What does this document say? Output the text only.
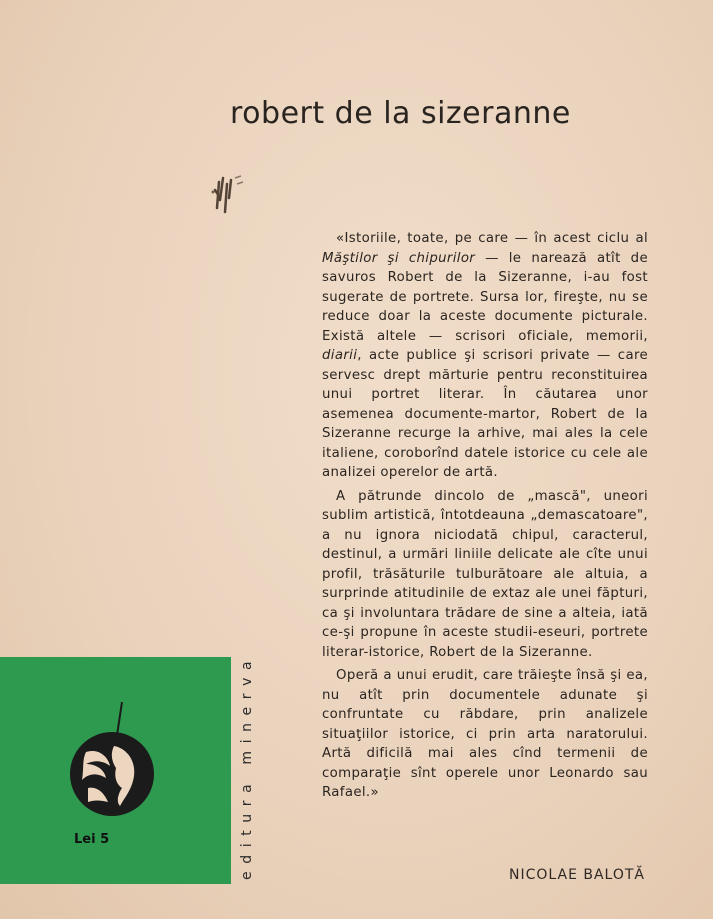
robert de la sizeranne

«Istoriile, toate, pe care — în acest ciclu al Măştilor şi chipurilor — le narează atît de savuros Robert de la Sizeranne, i-au fost sugerate de portrete. Sursa lor, fireşte, nu se reduce doar la aceste documente picturale. Există altele — scrisori oficiale, memorii, diarii, acte publice şi scrisori private — care servesc drept mărturie pentru reconstituirea unui portret literar. În căutarea unor asemenea documente-martor, Robert de la Sizeranne recurge la arhive, mai ales la cele italiene, coroborînd datele istorice cu cele ale analizei operelor de artă.

A pătrunde dincolo de „mască", uneori sublim artistică, întotdeauna „demascatoare", a nu ignora niciodată chipul, caracterul, destinul, a urmări liniile delicate ale cîte unui profil, trăsăturile tulburătoare ale altuia, a surprinde atitudinile de extaz ale unei făpturi, ca şi involuntara trădare de sine a alteia, iată ce-şi propune în aceste studii-eseuri, portrete literar-istorice, Robert de la Sizeranne.

Operă a unui erudit, care trăieşte însă şi ea, nu atît prin documentele adunate şi confruntate cu răbdare, prin analizele situaţiilor istorice, ci prin arta naratorului. Artă dificilă mai ales cînd termenii de comparaţie sînt operele unor Leonardo sau Rafael.»

NICOLAE BALOTĂ
Lei 5	editura minerva
